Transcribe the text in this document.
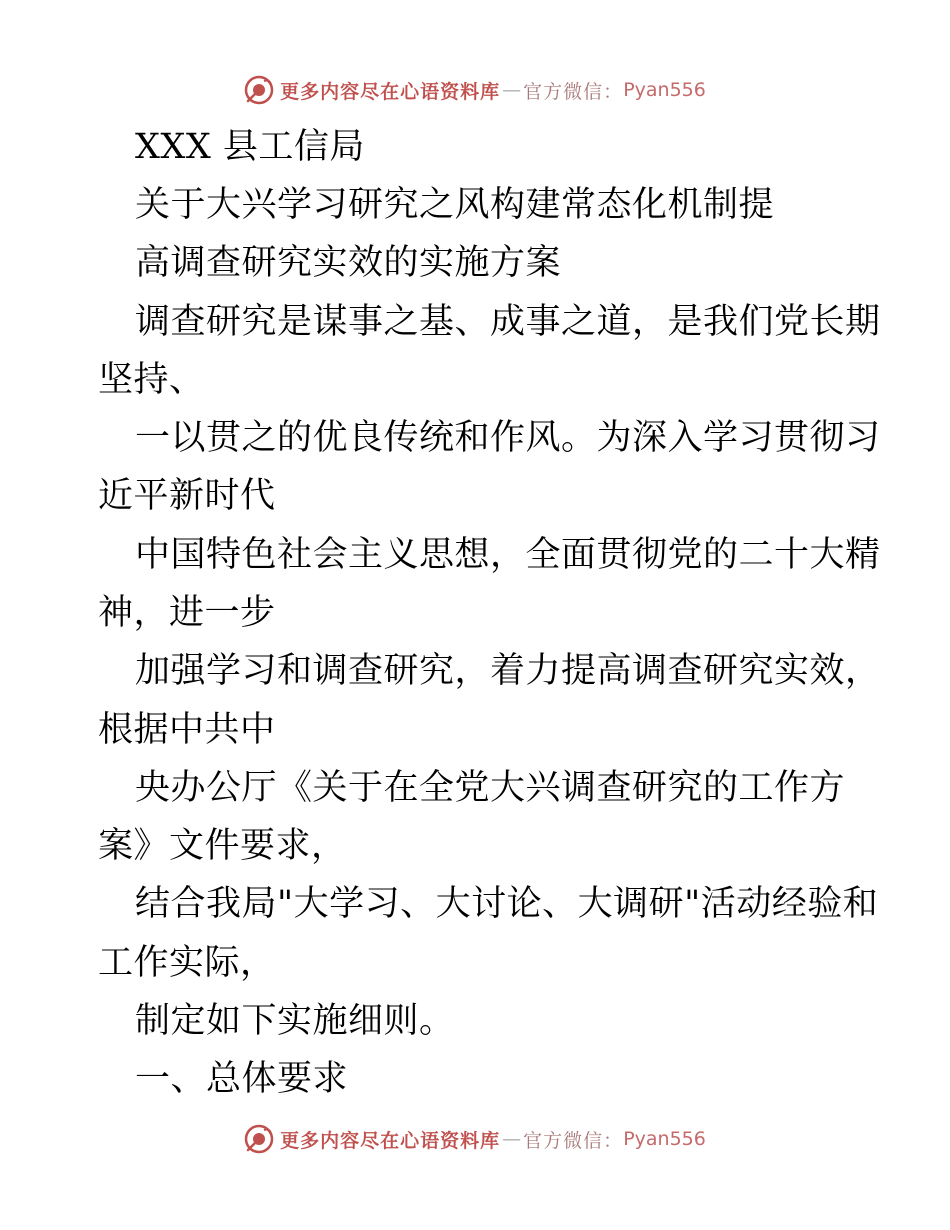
更多内容尽在心语资料库 — 官方微信： Pyan556
XXX 县工信局
关于大兴学习研究之风构建常态化机制提
高调查研究实效的实施方案
调查研究是谋事之基、成事之道，是我们党长期
坚持、
一以贯之的优良传统和作风。为深入学习贯彻习
近平新时代
中国特色社会主义思想，全面贯彻党的二十大精
神，进一步
加强学习和调查研究，着力提高调查研究实效，
根据中共中
央办公厅《关于在全党大兴调查研究的工作方
案》文件要求，
结合我局"大学习、大讨论、大调研"活动经验和
工作实际，
制定如下实施细则。
一、总体要求
更多内容尽在心语资料库 — 官方微信： Pyan556
